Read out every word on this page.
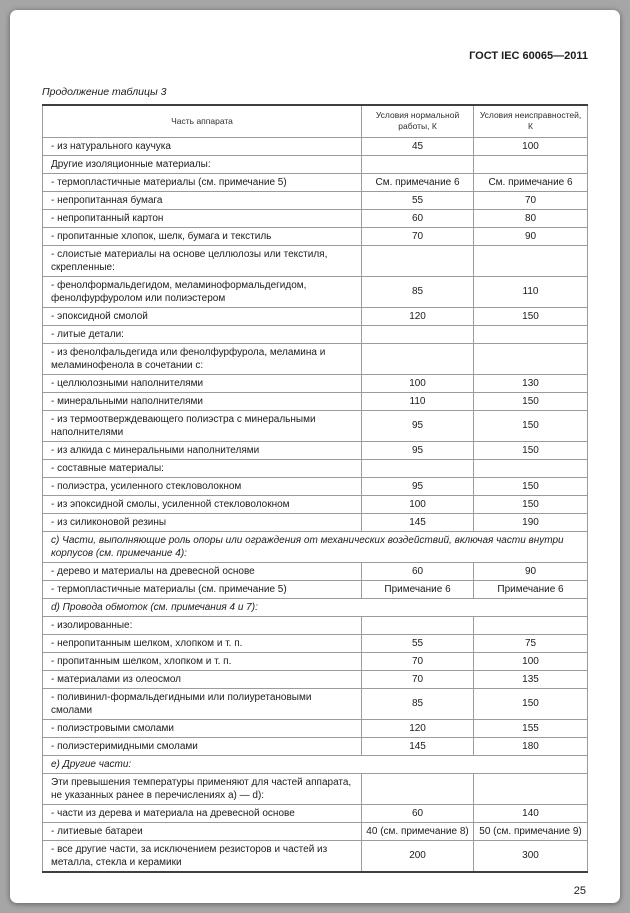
ГОСТ IEC 60065—2011
Продолжение таблицы 3
Часть аппарата	Условия нормальной работы, К	Условия неисправностей, К
- из натурального каучука	45	100
Другие изоляционные материалы:		
- термопластичные материалы (см. примечание 5)	См. примечание 6	См. примечание 6
- непропитанная бумага	55	70
- непропитанный картон	60	80
- пропитанные хлопок, шелк, бумага и текстиль	70	90
- слоистые материалы на основе целлюлозы или текстиля, скрепленные:		
- фенолформальдегидом, меламиноформальдегидом, фенолфурфуролом или полиэстером	85	110
- эпоксидной смолой	120	150
- литые детали:		
- из фенолфальдегида или фенолфурфурола, меламина и меламинофенола в сочетании с:		
- целлюлозными наполнителями	100	130
- минеральными наполнителями	110	150
- из термоотверждевающего полиэстра с минеральными наполнителями	95	150
- из алкида с минеральными наполнителями	95	150
- составные материалы:		
- полиэстра, усиленного стекловолокном	95	150
- из эпоксидной смолы, усиленной стекловолокном	100	150
- из силиконовой резины	145	190
c) Части, выполняющие роль опоры или ограждения от механических воздействий, включая части внутри корпусов (см. примечание 4):		
- дерево и материалы на древесной основе	60	90
- термопластичные материалы (см. примечание 5)	Примечание 6	Примечание 6
d) Провода обмоток (см. примечания 4 и 7):		
- изолированные:		
- непропитанным шелком, хлопком и т. п.	55	75
- пропитанным шелком, хлопком и т. п.	70	100
- материалами из олеосмол	70	135
- поливинил-формальдегидными или полиуретановыми смолами	85	150
- полиэстровыми смолами	120	155
- полиэстеримидными смолами	145	180
e) Другие части:		
Эти превышения температуры применяют для частей аппарата, не указанных ранее в перечислениях a) — d):		
- части из дерева и материала на древесной основе	60	140
- литиевые батареи	40 (см. примечание 8)	50 (см. примечание 9)
- все другие части, за исключением резисторов и частей из металла, стекла и керамики	200	300
25
